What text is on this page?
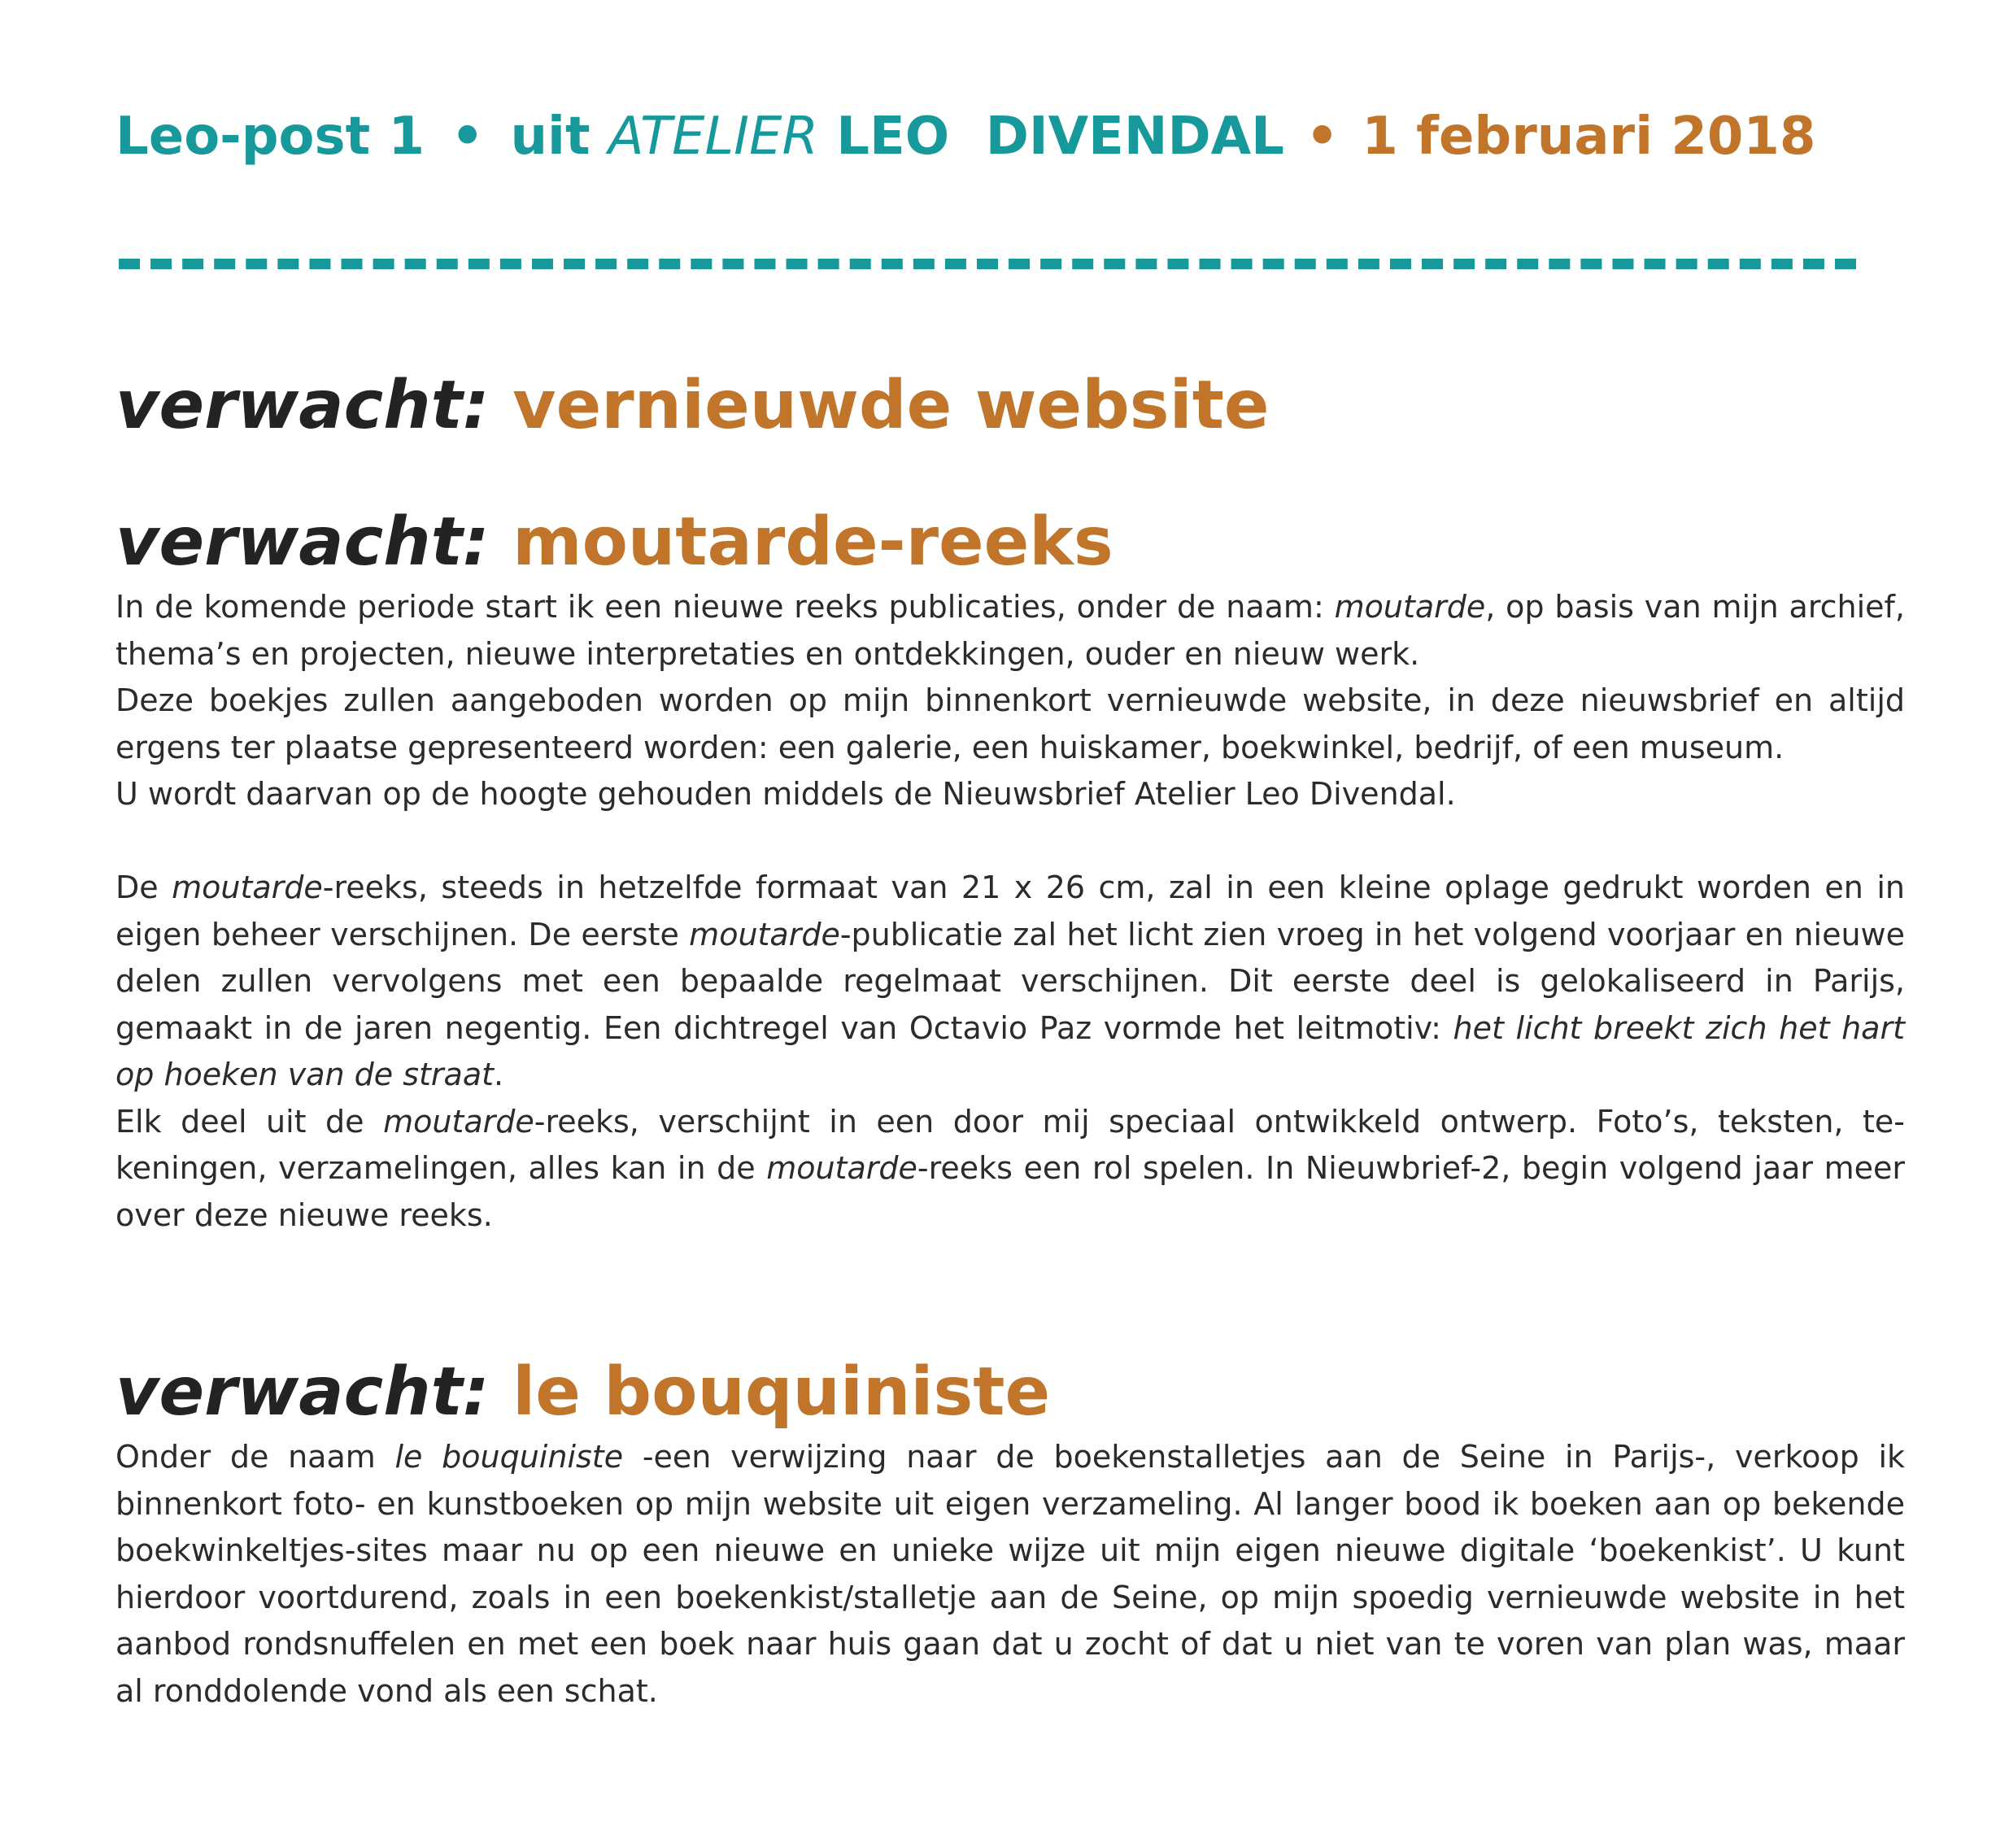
Leo-post 1 • uit ATELIER LEO  DIVENDAL • 1 februari 2018
verwacht: vernieuwde website
verwacht: moutarde-reeks

In de komende periode start ik een nieuwe reeks publicaties, onder de naam: moutarde, op basis van mijn archief, thema’s en projecten, nieuwe interpretaties en ontdekkingen, ouder en nieuw werk.

Deze boekjes zullen aangeboden worden op mijn binnenkort vernieuwde website, in deze nieuwsbrief en altijd ergens ter plaatse gepresenteerd worden: een galerie, een huiskamer, boekwinkel, bedrijf, of een museum.

U wordt daarvan op de hoogte gehouden middels de Nieuwsbrief Atelier Leo Divendal.

De moutarde-reeks, steeds in hetzelfde formaat van 21 x 26 cm, zal in een kleine oplage gedrukt worden en in eigen beheer verschijnen. De eerste moutarde-publicatie zal het licht zien vroeg in het volgend voorjaar en nieuwe delen zullen vervolgens met een bepaalde regelmaat verschijnen. Dit eerste deel is gelokaliseerd in Parijs, gemaakt in de jaren negentig. Een dichtregel van Octavio Paz vormde het leitmotiv: het licht breekt zich het hart op hoeken van de straat.

Elk deel uit de moutarde-reeks, verschijnt in een door mij speciaal ontwikkeld ontwerp. Foto’s, teksten, tekeningen, verzamelingen, alles kan in de moutarde-reeks een rol spelen. In Nieuwbrief-2, begin volgend jaar meer over deze nieuwe reeks.

verwacht: le bouquiniste

Onder de naam le bouquiniste -een verwijzing naar de boekenstalletjes aan de Seine in Parijs-, verkoop ik binnenkort foto- en kunstboeken op mijn website uit eigen verzameling. Al langer bood ik boeken aan op bekende boekwinkeltjes-sites maar nu op een nieuwe en unieke wijze uit mijn eigen nieuwe digitale ‘boekenkist’. U kunt hierdoor voortdurend, zoals in een boekenkist/stalletje aan de Seine, op mijn spoedig vernieuwde website in het aanbod rondsnuffelen en met een boek naar huis gaan dat u zocht of dat u niet van te voren van plan was, maar al ronddolende vond als een schat.
